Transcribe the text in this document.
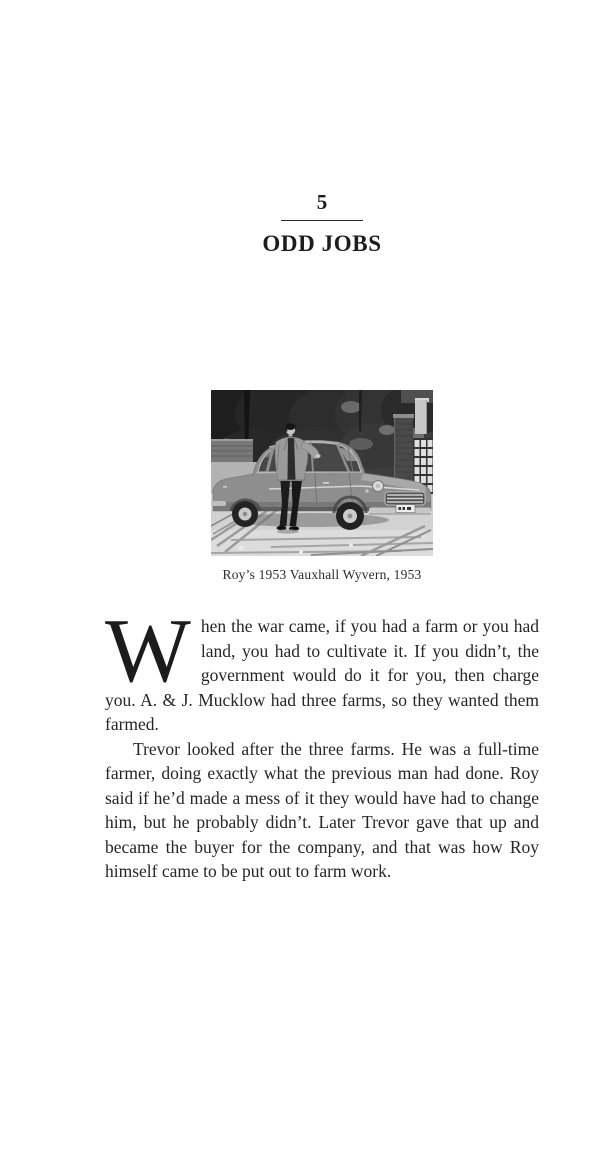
5
ODD JOBS
Roy’s 1953 Vauxhall Wyvern, 1953

When the war came, if you had a farm or you had land, you had to cultivate it. If you didn’t, the government would do it for you, then charge you. A. & J. Mucklow had three farms, so they wanted them farmed.

Trevor looked after the three farms. He was a full-time farmer, doing exactly what the previous man had done. Roy said if he’d made a mess of it they would have had to change him, but he probably didn’t. Later Trevor gave that up and became the buyer for the company, and that was how Roy himself came to be put out to farm work.
